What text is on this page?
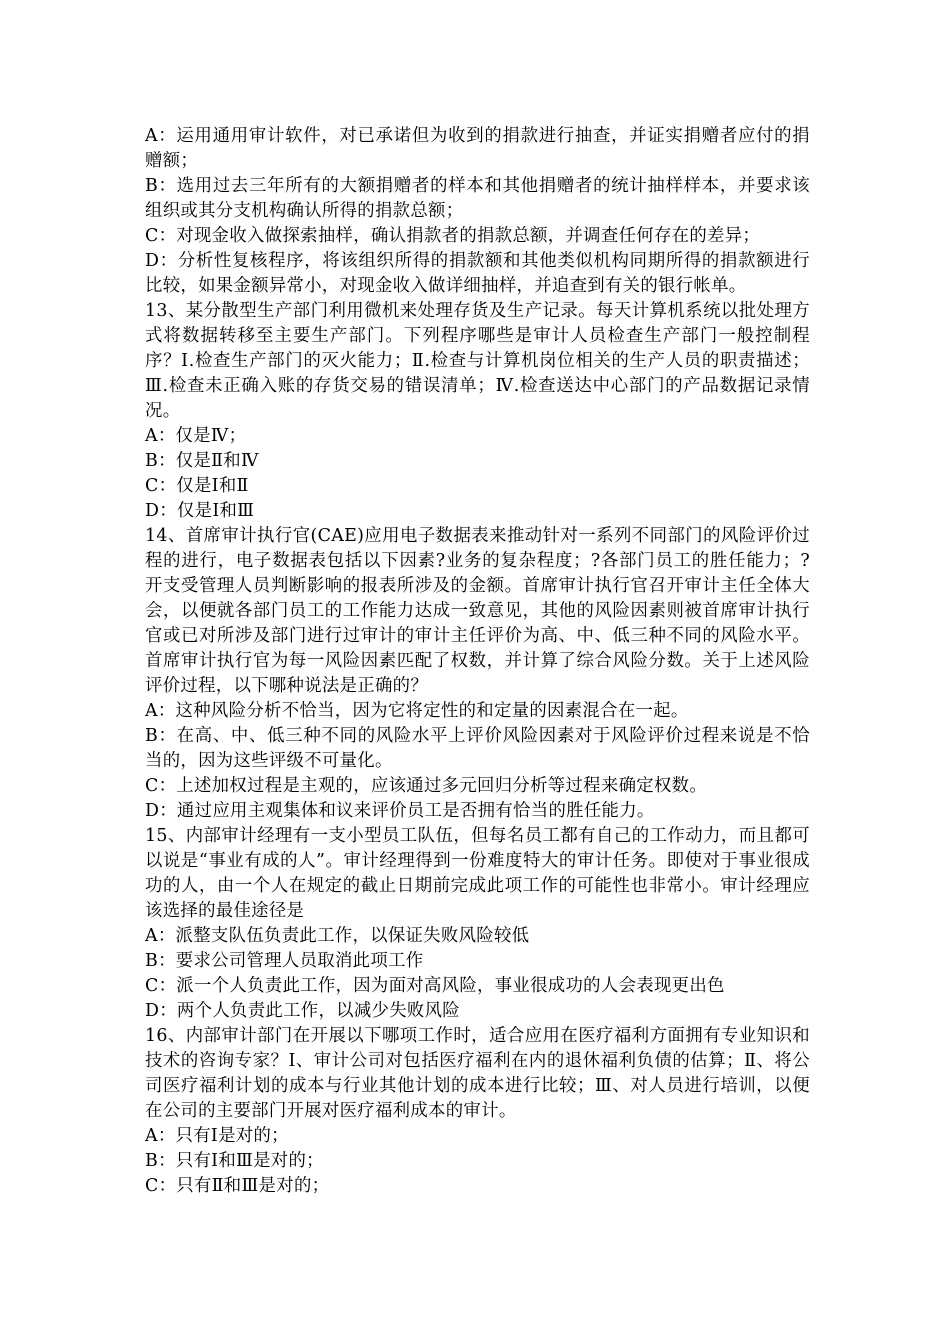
A：运用通用审计软件，对已承诺但为收到的捐款进行抽查，并证实捐赠者应付的捐赠额；

B：选用过去三年所有的大额捐赠者的样本和其他捐赠者的统计抽样样本，并要求该组织或其分支机构确认所得的捐款总额；

C：对现金收入做探索抽样，确认捐款者的捐款总额，并调查任何存在的差异；

D：分析性复核程序，将该组织所得的捐款额和其他类似机构同期所得的捐款额进行比较，如果金额异常小，对现金收入做详细抽样，并追查到有关的银行帐单。

13、某分散型生产部门利用微机来处理存货及生产记录。每天计算机系统以批处理方式将数据转移至主要生产部门。下列程序哪些是审计人员检查生产部门一般控制程序？Ⅰ.检查生产部门的灭火能力；Ⅱ.检查与计算机岗位相关的生产人员的职责描述；Ⅲ.检查未正确入账的存货交易的错误清单；Ⅳ.检查送达中心部门的产品数据记录情况。

A：仅是Ⅳ；

B：仅是Ⅱ和Ⅳ

C：仅是Ⅰ和Ⅱ

D：仅是Ⅰ和Ⅲ

14、首席审计执行官(CAE)应用电子数据表来推动针对一系列不同部门的风险评价过程的进行，电子数据表包括以下因素?业务的复杂程度；?各部门员工的胜任能力；?开支受管理人员判断影响的报表所涉及的金额。首席审计执行官召开审计主任全体大会，以便就各部门员工的工作能力达成一致意见，其他的风险因素则被首席审计执行官或已对所涉及部门进行过审计的审计主任评价为高、中、低三种不同的风险水平。首席审计执行官为每一风险因素匹配了权数，并计算了综合风险分数。关于上述风险评价过程，以下哪种说法是正确的？

A：这种风险分析不恰当，因为它将定性的和定量的因素混合在一起。

B：在高、中、低三种不同的风险水平上评价风险因素对于风险评价过程来说是不恰当的，因为这些评级不可量化。

C：上述加权过程是主观的，应该通过多元回归分析等过程来确定权数。

D：通过应用主观集体和议来评价员工是否拥有恰当的胜任能力。

15、内部审计经理有一支小型员工队伍，但每名员工都有自己的工作动力，而且都可以说是“事业有成的人”。审计经理得到一份难度特大的审计任务。即使对于事业很成功的人，由一个人在规定的截止日期前完成此项工作的可能性也非常小。审计经理应该选择的最佳途径是

A：派整支队伍负责此工作，以保证失败风险较低

B：要求公司管理人员取消此项工作

C：派一个人负责此工作，因为面对高风险，事业很成功的人会表现更出色

D：两个人负责此工作，以减少失败风险

16、内部审计部门在开展以下哪项工作时，适合应用在医疗福利方面拥有专业知识和技术的咨询专家？Ⅰ、审计公司对包括医疗福利在内的退休福利负债的估算；Ⅱ、将公司医疗福利计划的成本与行业其他计划的成本进行比较；Ⅲ、对人员进行培训，以便在公司的主要部门开展对医疗福利成本的审计。

A：只有Ⅰ是对的；

B：只有Ⅰ和Ⅲ是对的；

C：只有Ⅱ和Ⅲ是对的；
